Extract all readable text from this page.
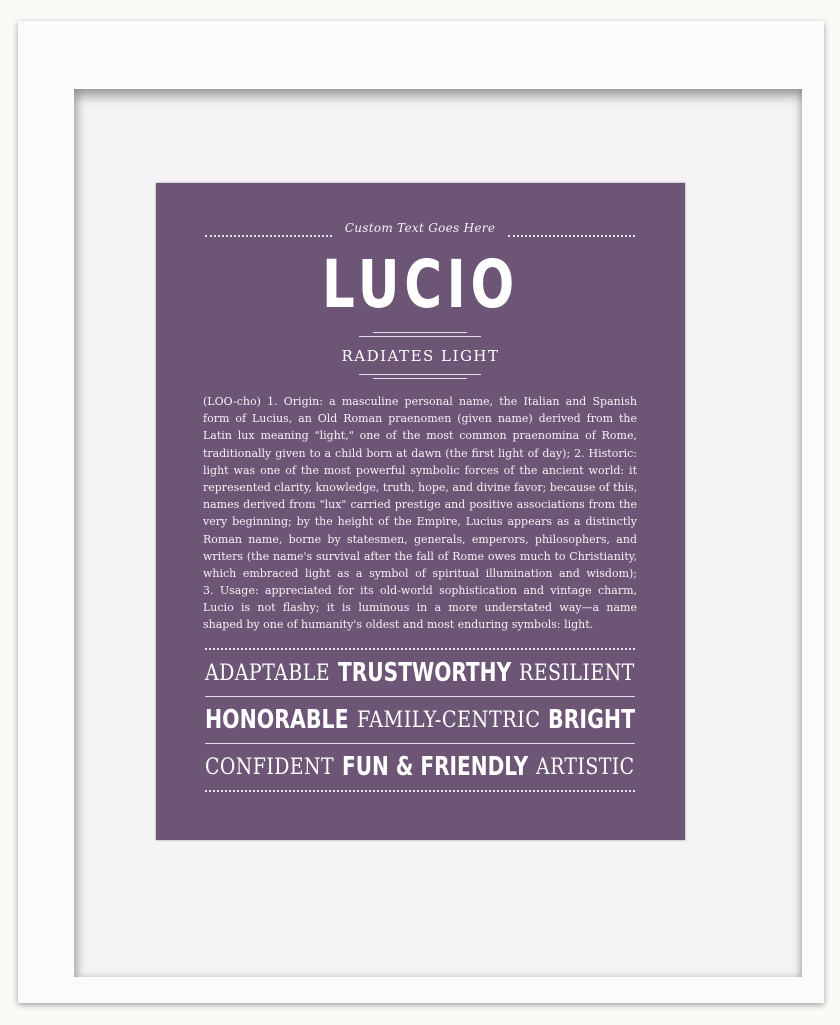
Custom Text Goes Here
LUCIO
RADIATES LIGHT
(LOO-cho) 1. Origin: a masculine personal name, the Italian and Spanish
form of Lucius, an Old Roman praenomen (given name) derived from the
Latin lux meaning "light," one of the most common praenomina of Rome,
traditionally given to a child born at dawn (the first light of day); 2. Historic:
light was one of the most powerful symbolic forces of the ancient world: it
represented clarity, knowledge, truth, hope, and divine favor; because of this,
names derived from "lux" carried prestige and positive associations from the
very beginning; by the height of the Empire, Lucius appears as a distinctly
Roman name, borne by statesmen, generals, emperors, philosophers, and
writers (the name's survival after the fall of Rome owes much to Christianity,
which embraced light as a symbol of spiritual illumination and wisdom);
3. Usage: appreciated for its old-world sophistication and vintage charm,
Lucio is not flashy; it is luminous in a more understated way—a name
shaped by one of humanity's oldest and most enduring symbols: light.
ADAPTABLE TRUSTWORTHY RESILIENT
HONORABLE FAMILY-CENTRIC BRIGHT
CONFIDENT FUN & FRIENDLY ARTISTIC
